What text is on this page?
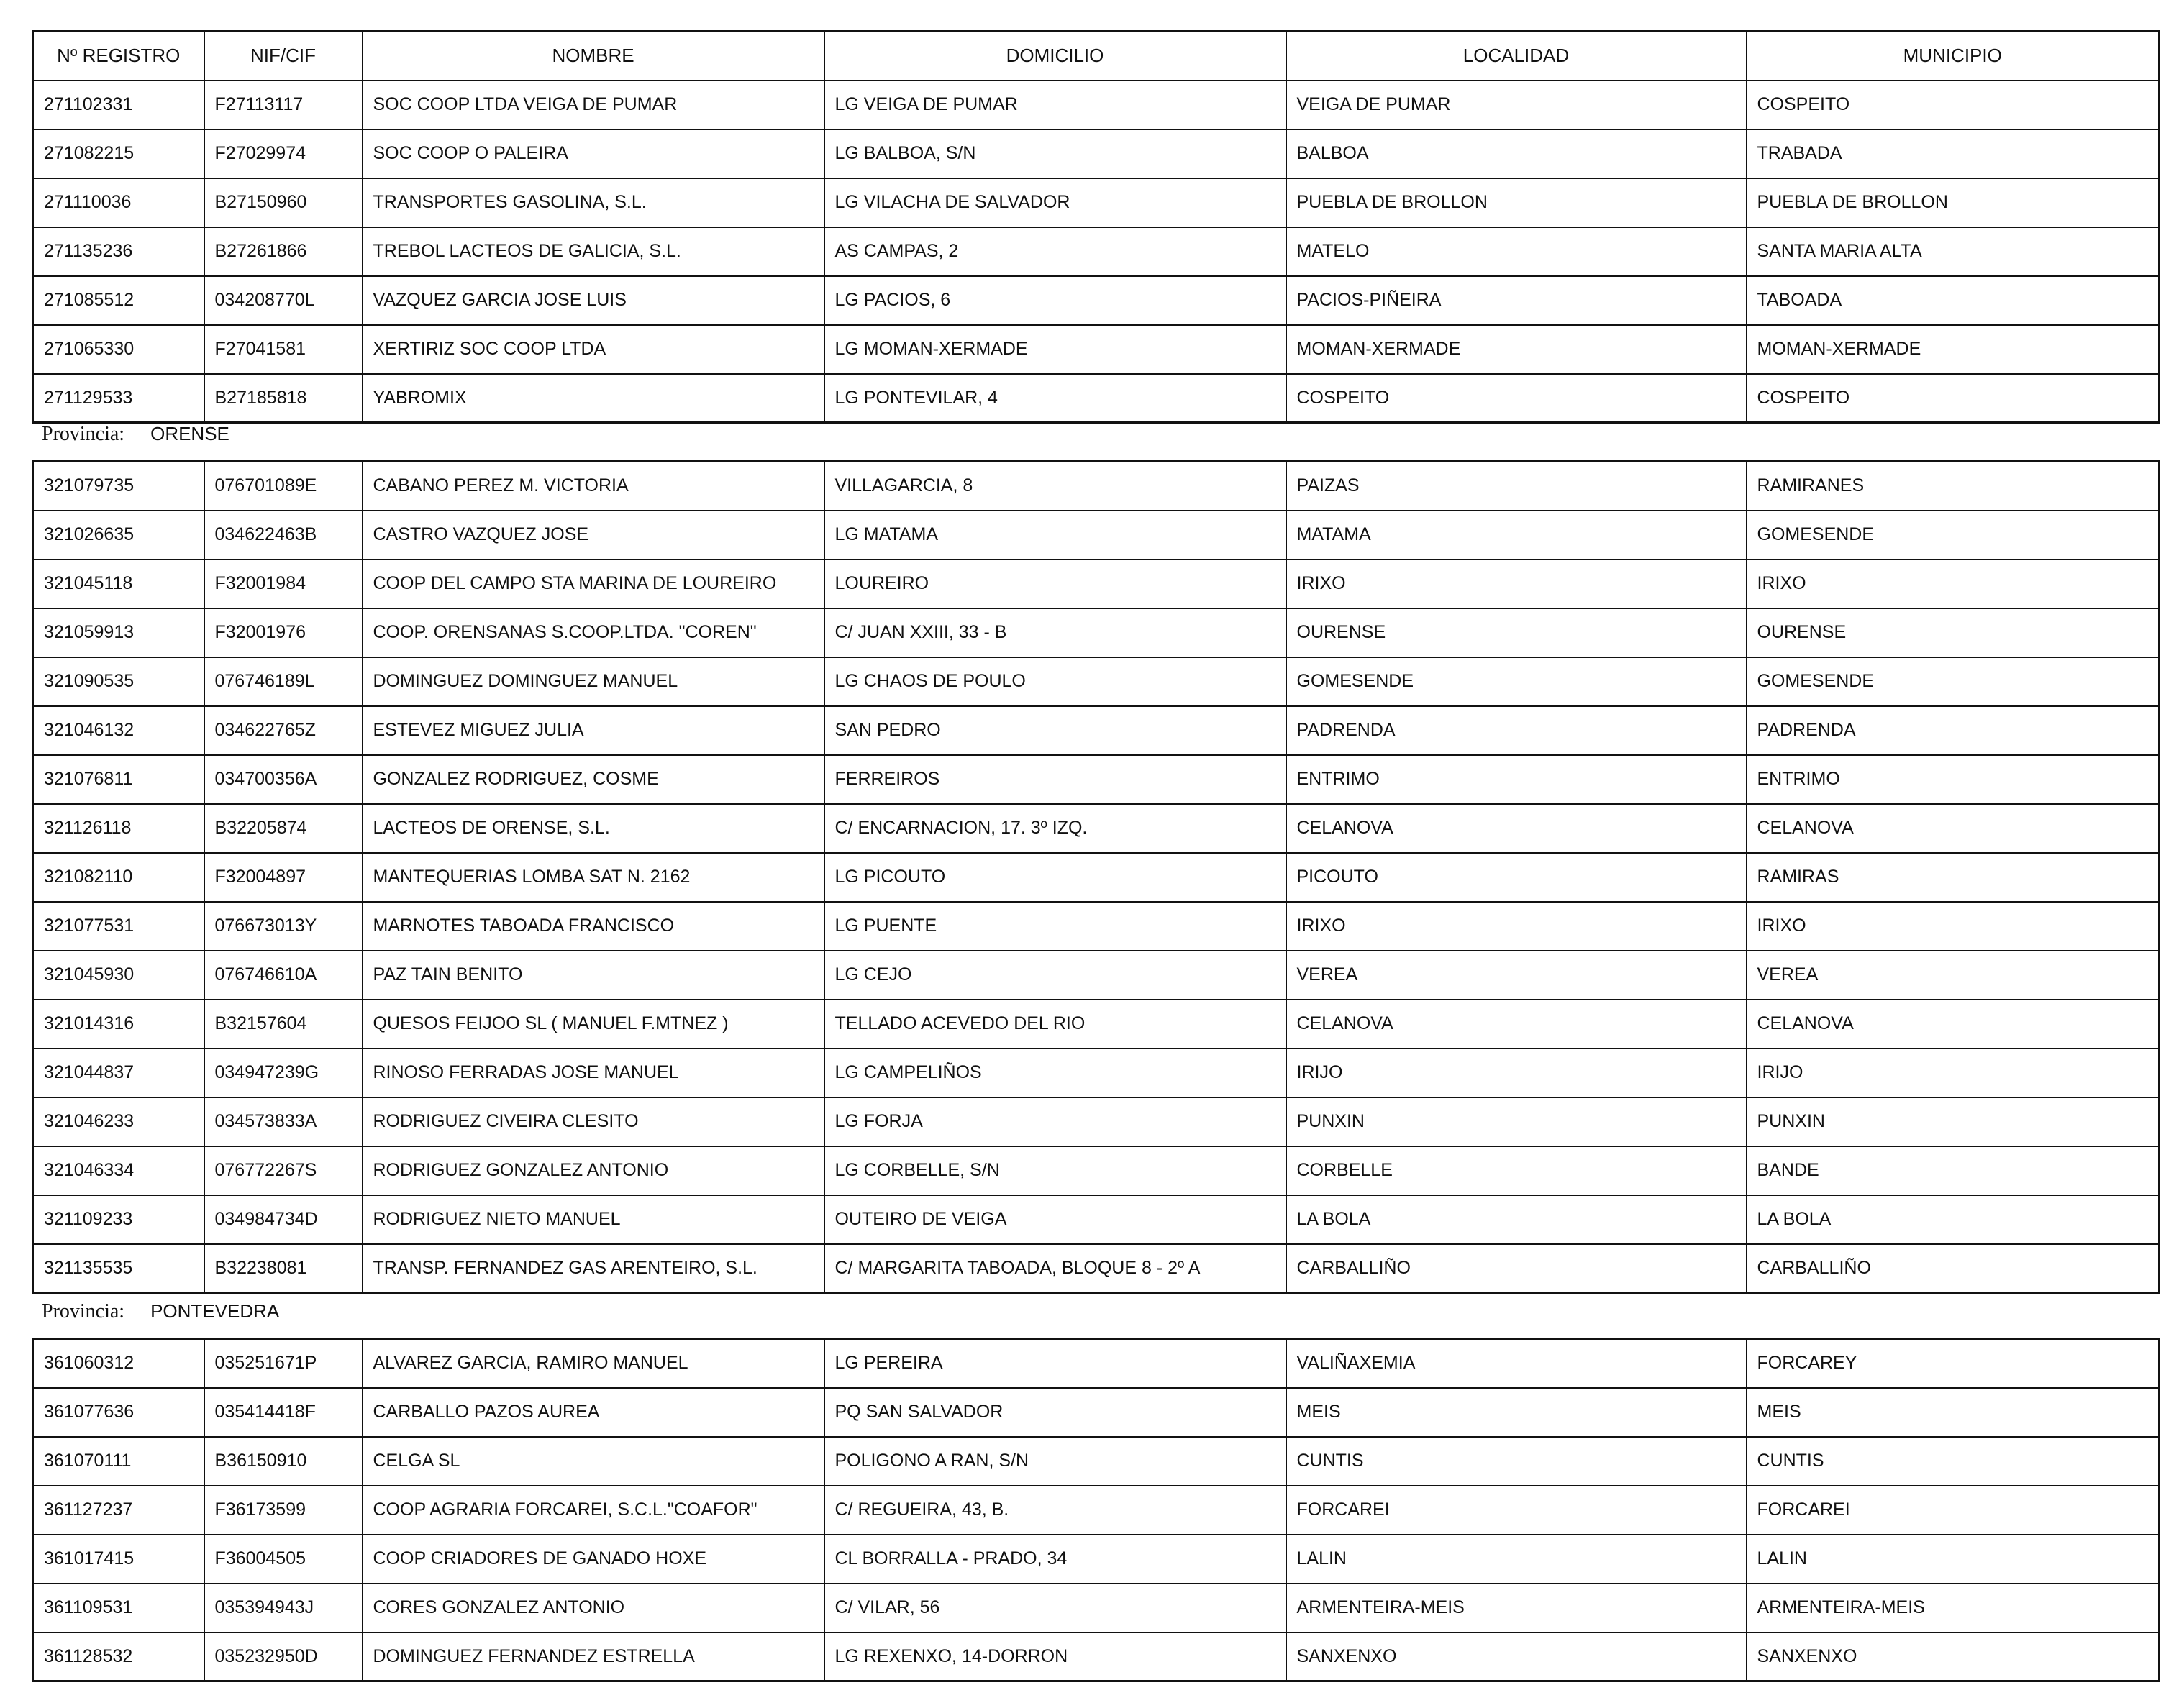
Nº REGISTRO	NIF/CIF	NOMBRE	DOMICILIO	LOCALIDAD	MUNICIPIO
271102331	F27113117	SOC COOP LTDA VEIGA DE PUMAR	LG VEIGA DE PUMAR	VEIGA DE PUMAR	COSPEITO
271082215	F27029974	SOC COOP O PALEIRA	LG BALBOA, S/N	BALBOA	TRABADA
271110036	B27150960	TRANSPORTES GASOLINA, S.L.	LG VILACHA DE SALVADOR	PUEBLA DE BROLLON	PUEBLA DE BROLLON
271135236	B27261866	TREBOL LACTEOS DE GALICIA, S.L.	AS CAMPAS, 2	MATELO	SANTA MARIA ALTA
271085512	034208770L	VAZQUEZ GARCIA JOSE LUIS	LG PACIOS, 6	PACIOS-PIÑEIRA	TABOADA
271065330	F27041581	XERTIRIZ SOC COOP LTDA	LG MOMAN-XERMADE	MOMAN-XERMADE	MOMAN-XERMADE
271129533	B27185818	YABROMIX	LG PONTEVILAR, 4	COSPEITO	COSPEITO
Provincia: ORENSE
321079735	076701089E	CABANO PEREZ M. VICTORIA	VILLAGARCIA, 8	PAIZAS	RAMIRANES
321026635	034622463B	CASTRO VAZQUEZ JOSE	LG MATAMA	MATAMA	GOMESENDE
321045118	F32001984	COOP DEL CAMPO STA MARINA DE LOUREIRO	LOUREIRO	IRIXO	IRIXO
321059913	F32001976	COOP. ORENSANAS S.COOP.LTDA. "COREN"	C/ JUAN XXIII, 33 - B	OURENSE	OURENSE
321090535	076746189L	DOMINGUEZ DOMINGUEZ MANUEL	LG CHAOS DE POULO	GOMESENDE	GOMESENDE
321046132	034622765Z	ESTEVEZ MIGUEZ JULIA	SAN PEDRO	PADRENDA	PADRENDA
321076811	034700356A	GONZALEZ RODRIGUEZ, COSME	FERREIROS	ENTRIMO	ENTRIMO
321126118	B32205874	LACTEOS DE ORENSE, S.L.	C/ ENCARNACION, 17. 3º IZQ.	CELANOVA	CELANOVA
321082110	F32004897	MANTEQUERIAS LOMBA SAT N. 2162	LG PICOUTO	PICOUTO	RAMIRAS
321077531	076673013Y	MARNOTES TABOADA FRANCISCO	LG PUENTE	IRIXO	IRIXO
321045930	076746610A	PAZ TAIN BENITO	LG CEJO	VEREA	VEREA
321014316	B32157604	QUESOS FEIJOO SL ( MANUEL F.MTNEZ )	TELLADO ACEVEDO DEL RIO	CELANOVA	CELANOVA
321044837	034947239G	RINOSO FERRADAS JOSE MANUEL	LG CAMPELIÑOS	IRIJO	IRIJO
321046233	034573833A	RODRIGUEZ CIVEIRA CLESITO	LG FORJA	PUNXIN	PUNXIN
321046334	076772267S	RODRIGUEZ GONZALEZ ANTONIO	LG CORBELLE, S/N	CORBELLE	BANDE
321109233	034984734D	RODRIGUEZ NIETO MANUEL	OUTEIRO DE VEIGA	LA BOLA	LA BOLA
321135535	B32238081	TRANSP. FERNANDEZ GAS ARENTEIRO, S.L.	C/ MARGARITA TABOADA, BLOQUE 8 - 2º A	CARBALLIÑO	CARBALLIÑO
Provincia: PONTEVEDRA
361060312	035251671P	ALVAREZ GARCIA, RAMIRO MANUEL	LG PEREIRA	VALIÑAXEMIA	FORCAREY
361077636	035414418F	CARBALLO PAZOS AUREA	PQ SAN SALVADOR	MEIS	MEIS
361070111	B36150910	CELGA SL	POLIGONO A RAN, S/N	CUNTIS	CUNTIS
361127237	F36173599	COOP AGRARIA FORCAREI, S.C.L."COAFOR"	C/ REGUEIRA, 43, B.	FORCAREI	FORCAREI
361017415	F36004505	COOP CRIADORES DE GANADO HOXE	CL BORRALLA - PRADO, 34	LALIN	LALIN
361109531	035394943J	CORES GONZALEZ ANTONIO	C/ VILAR, 56	ARMENTEIRA-MEIS	ARMENTEIRA-MEIS
361128532	035232950D	DOMINGUEZ FERNANDEZ ESTRELLA	LG REXENXO, 14-DORRON	SANXENXO	SANXENXO
